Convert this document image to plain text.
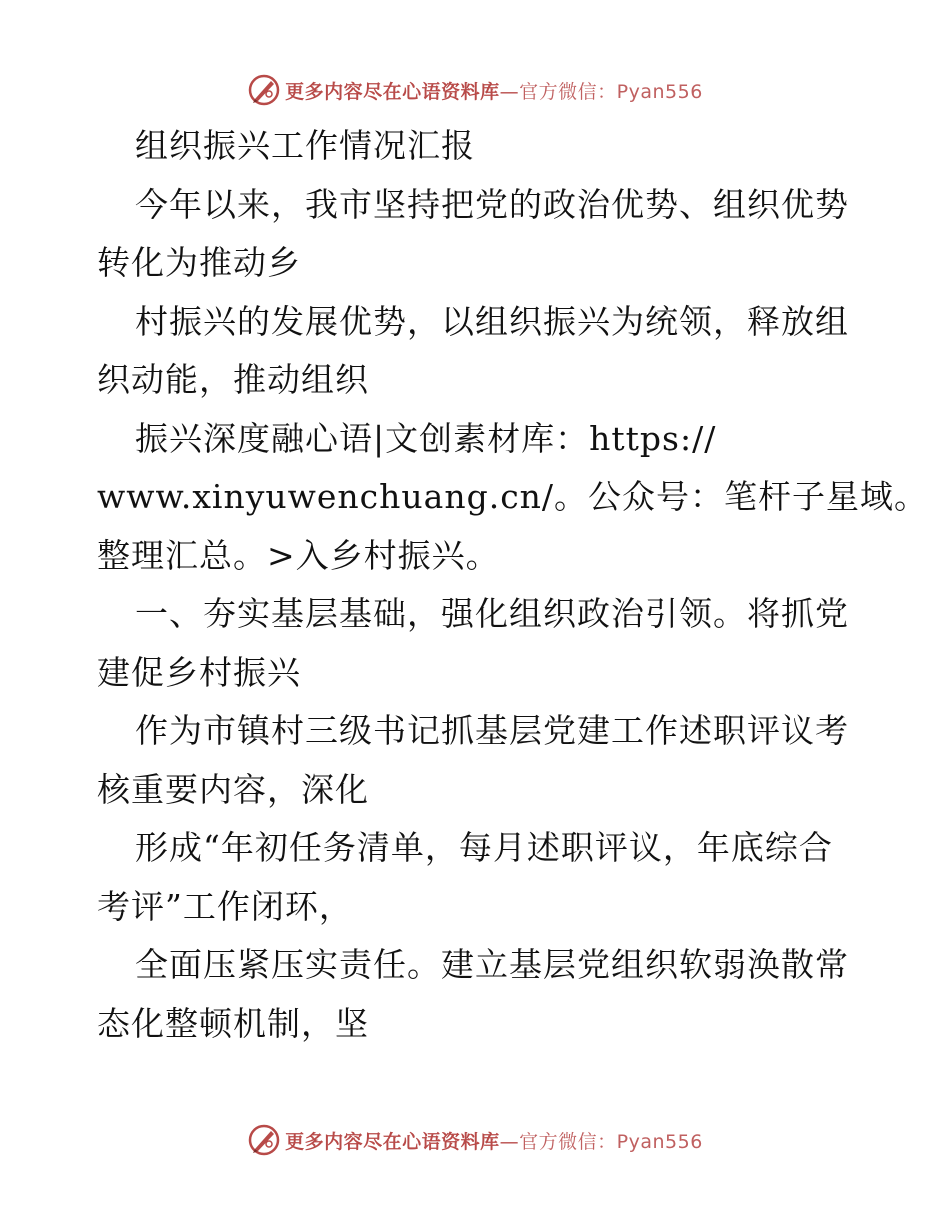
更多内容尽在心语资料库—官方微信：Pyan556
组织振兴工作情况汇报
今年以来，我市坚持把党的政治优势、组织优势
转化为推动乡
村振兴的发展优势，以组织振兴为统领，释放组
织动能，推动组织
振兴深度融心语|文创素材库：https://
www.xinyuwenchuang.cn/。公众号：笔杆子星域。
整理汇总。>入乡村振兴。
一、夯实基层基础，强化组织政治引领。将抓党
建促乡村振兴
作为市镇村三级书记抓基层党建工作述职评议考
核重要内容，深化
形成“年初任务清单，每月述职评议，年底综合
考评”工作闭环，
全面压紧压实责任。建立基层党组织软弱涣散常
态化整顿机制，坚
更多内容尽在心语资料库—官方微信：Pyan556
